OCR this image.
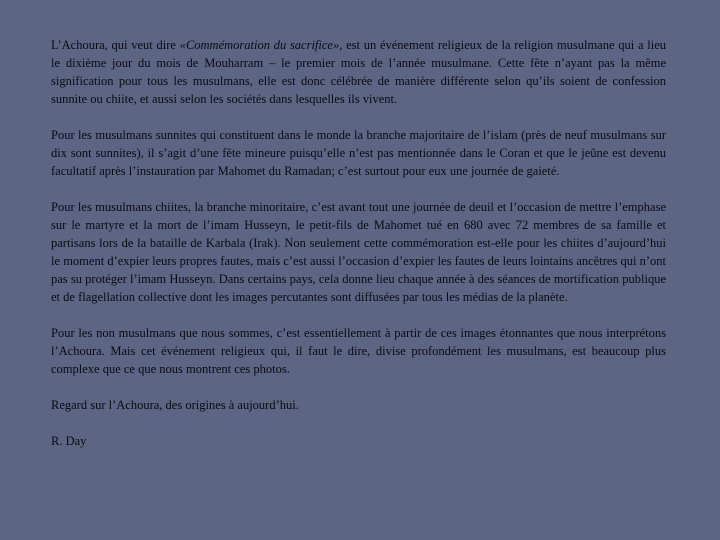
L’Achoura, qui veut dire «Commémoration du sacrifice», est un événement religieux de la religion musulmane qui a lieu le dixième jour du mois de Mouharram – le premier mois de l’année musulmane. Cette fête n’ayant pas la même signification pour tous les musulmans, elle est donc célébrée de manière différente selon qu’ils soient de confession sunnite ou chiite, et aussi selon les sociétés dans lesquelles ils vivent.

Pour les musulmans sunnites qui constituent dans le monde la branche majoritaire de l’islam (près de neuf musulmans sur dix sont sunnites), il s’agit d’une fête mineure puisqu’elle n’est pas mentionnée dans le Coran et que le jeûne est devenu facultatif après l’instauration par Mahomet du Ramadan; c’est surtout pour eux une journée de gaieté.

Pour les musulmans chiites, la branche minoritaire, c’est avant tout une journée de deuil et l’occasion de mettre l’emphase sur le martyre et la mort de l’imam Husseyn, le petit-fils de Mahomet tué en 680 avec 72 membres de sa famille et partisans lors de la bataille de Karbala (Irak). Non seulement cette commémoration est-elle pour les chiites d’aujourd’hui le moment d’expier leurs propres fautes, mais c’est aussi l’occasion d’expier les fautes de leurs lointains ancêtres qui n’ont pas su protéger l’imam Husseyn. Dans certains pays, cela donne lieu chaque année à des séances de mortification publique et de flagellation collective dont les images percutantes sont diffusées par tous les médias de la planète.

Pour les non musulmans que nous sommes, c’est essentiellement à partir de ces images étonnantes que nous interprétons l’Achoura. Mais cet événement religieux qui, il faut le dire, divise profondément les musulmans, est beaucoup plus complexe que ce que nous montrent ces photos.

Regard sur l’Achoura, des origines à aujourd’hui.

R. Day
